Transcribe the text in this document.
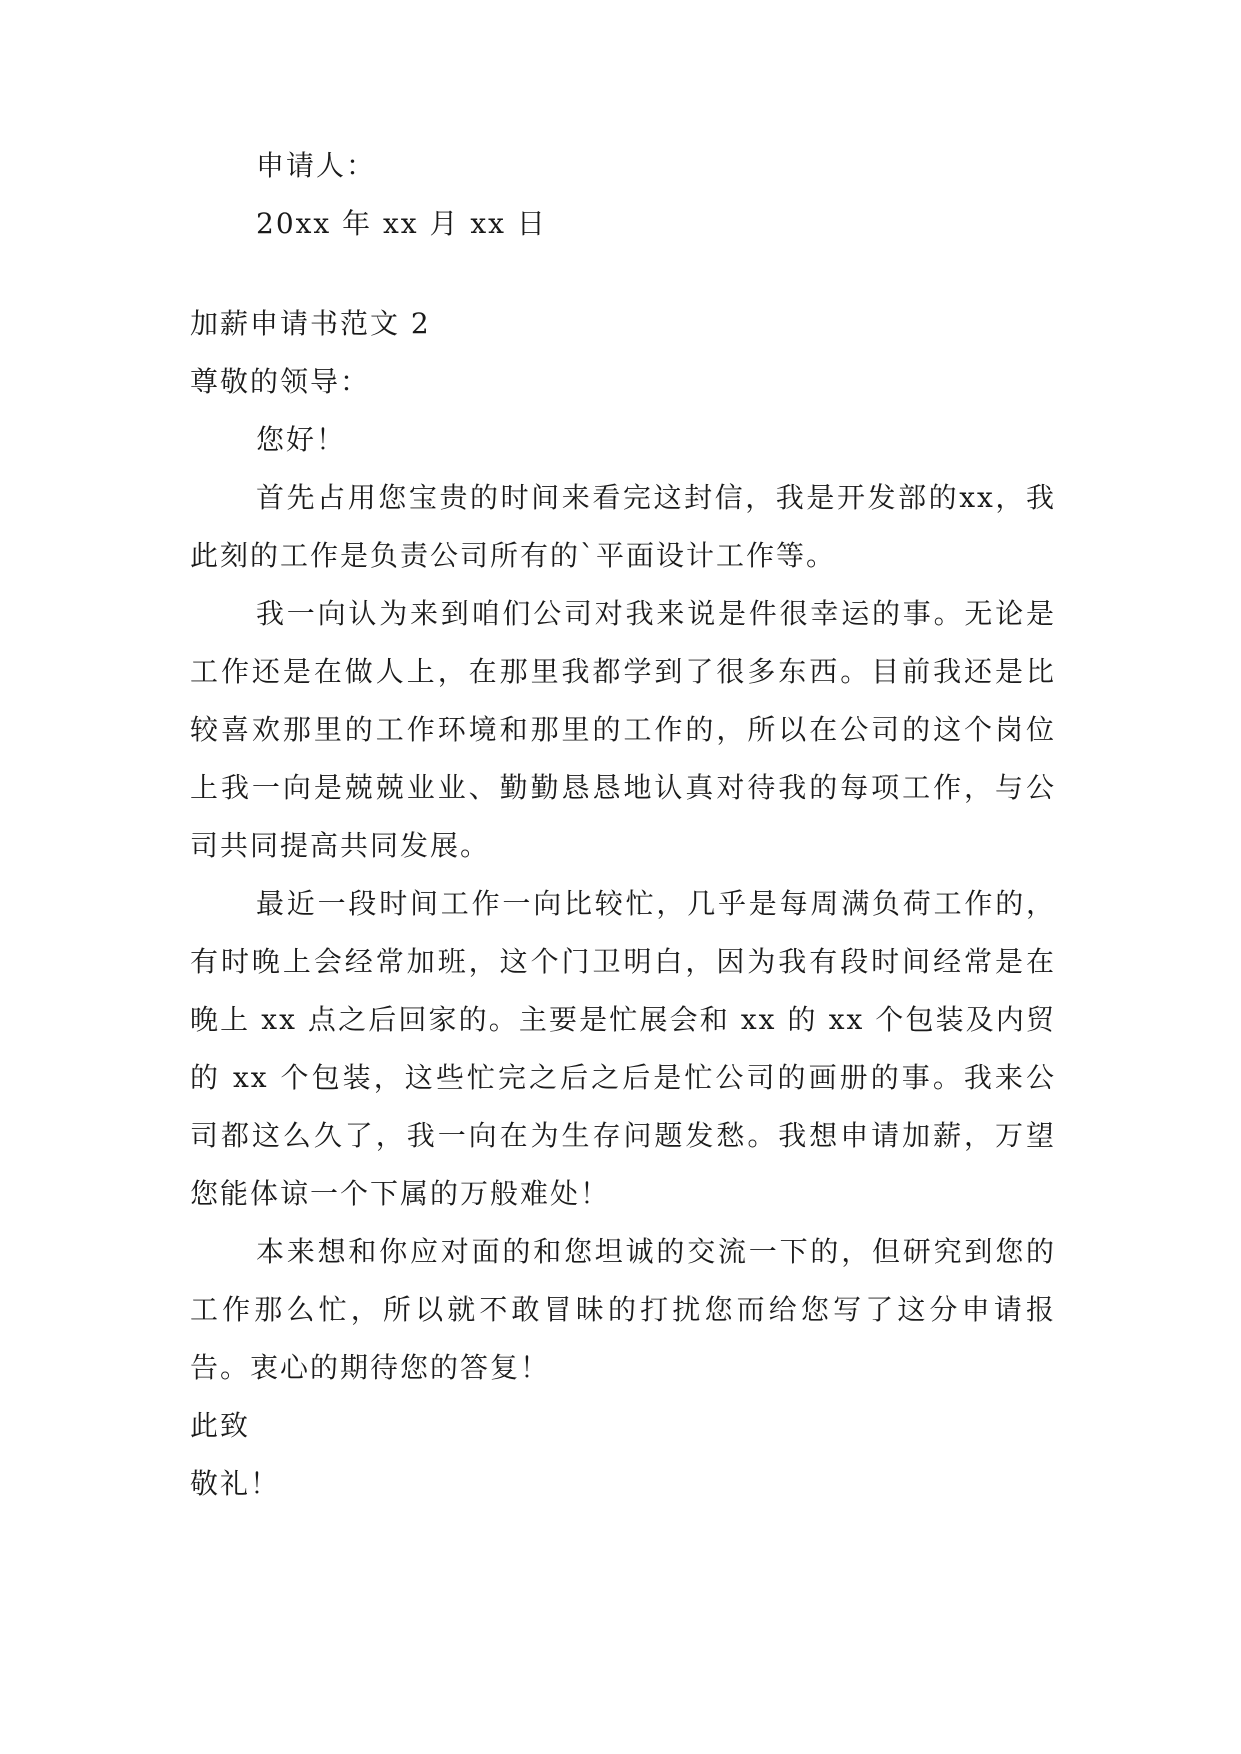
申请人：

20xx 年 xx 月 xx 日

加薪申请书范文 2

尊敬的领导：

您好！

首先占用您宝贵的时间来看完这封信，我是开发部的xx，我此刻的工作是负责公司所有的`平面设计工作等。

我一向认为来到咱们公司对我来说是件很幸运的事。无论是工作还是在做人上，在那里我都学到了很多东西。目前我还是比较喜欢那里的工作环境和那里的工作的，所以在公司的这个岗位上我一向是兢兢业业、勤勤恳恳地认真对待我的每项工作，与公司共同提高共同发展。

最近一段时间工作一向比较忙，几乎是每周满负荷工作的，有时晚上会经常加班，这个门卫明白，因为我有段时间经常是在晚上 xx 点之后回家的。主要是忙展会和 xx 的 xx 个包装及内贸的 xx 个包装，这些忙完之后之后是忙公司的画册的事。我来公司都这么久了，我一向在为生存问题发愁。我想申请加薪，万望您能体谅一个下属的万般难处！

本来想和你应对面的和您坦诚的交流一下的，但研究到您的工作那么忙，所以就不敢冒昧的打扰您而给您写了这分申请报告。衷心的期待您的答复！

此致

敬礼！
